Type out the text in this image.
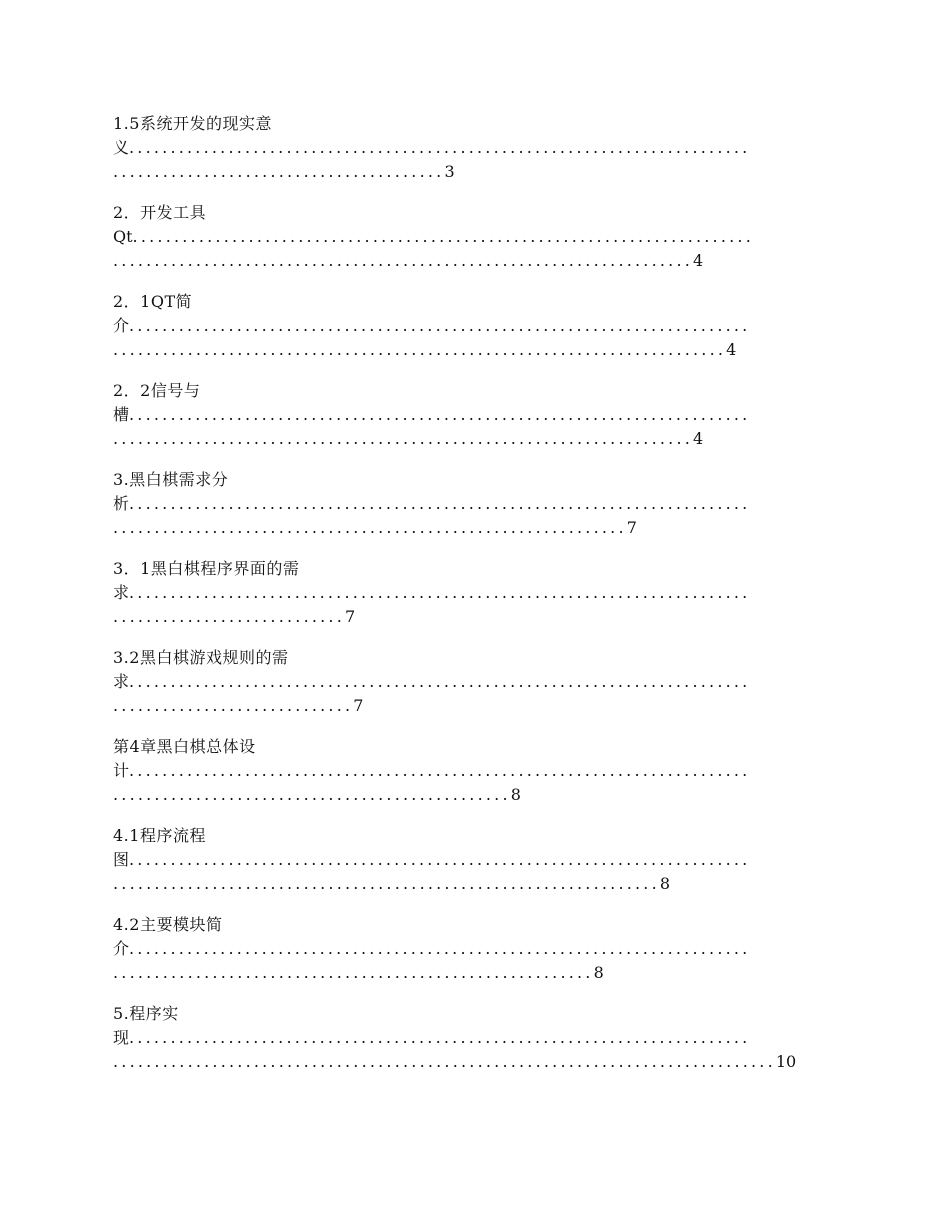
1.5系统开发的现实意
义...........................................................................
........................................3
2．开发工具
Qt...........................................................................
......................................................................4
2．1QT简
介...........................................................................
..........................................................................4
2．2信号与
槽...........................................................................
......................................................................4
3.黑白棋需求分
析...........................................................................
..............................................................7
3．1黑白棋程序界面的需
求...........................................................................
............................7
3.2黑白棋游戏规则的需
求...........................................................................
.............................7
第4章黑白棋总体设
计...........................................................................
................................................8
4.1程序流程
图...........................................................................
..................................................................8
4.2主要模块简
介...........................................................................
..........................................................8
5.程序实
现...........................................................................
................................................................................10
